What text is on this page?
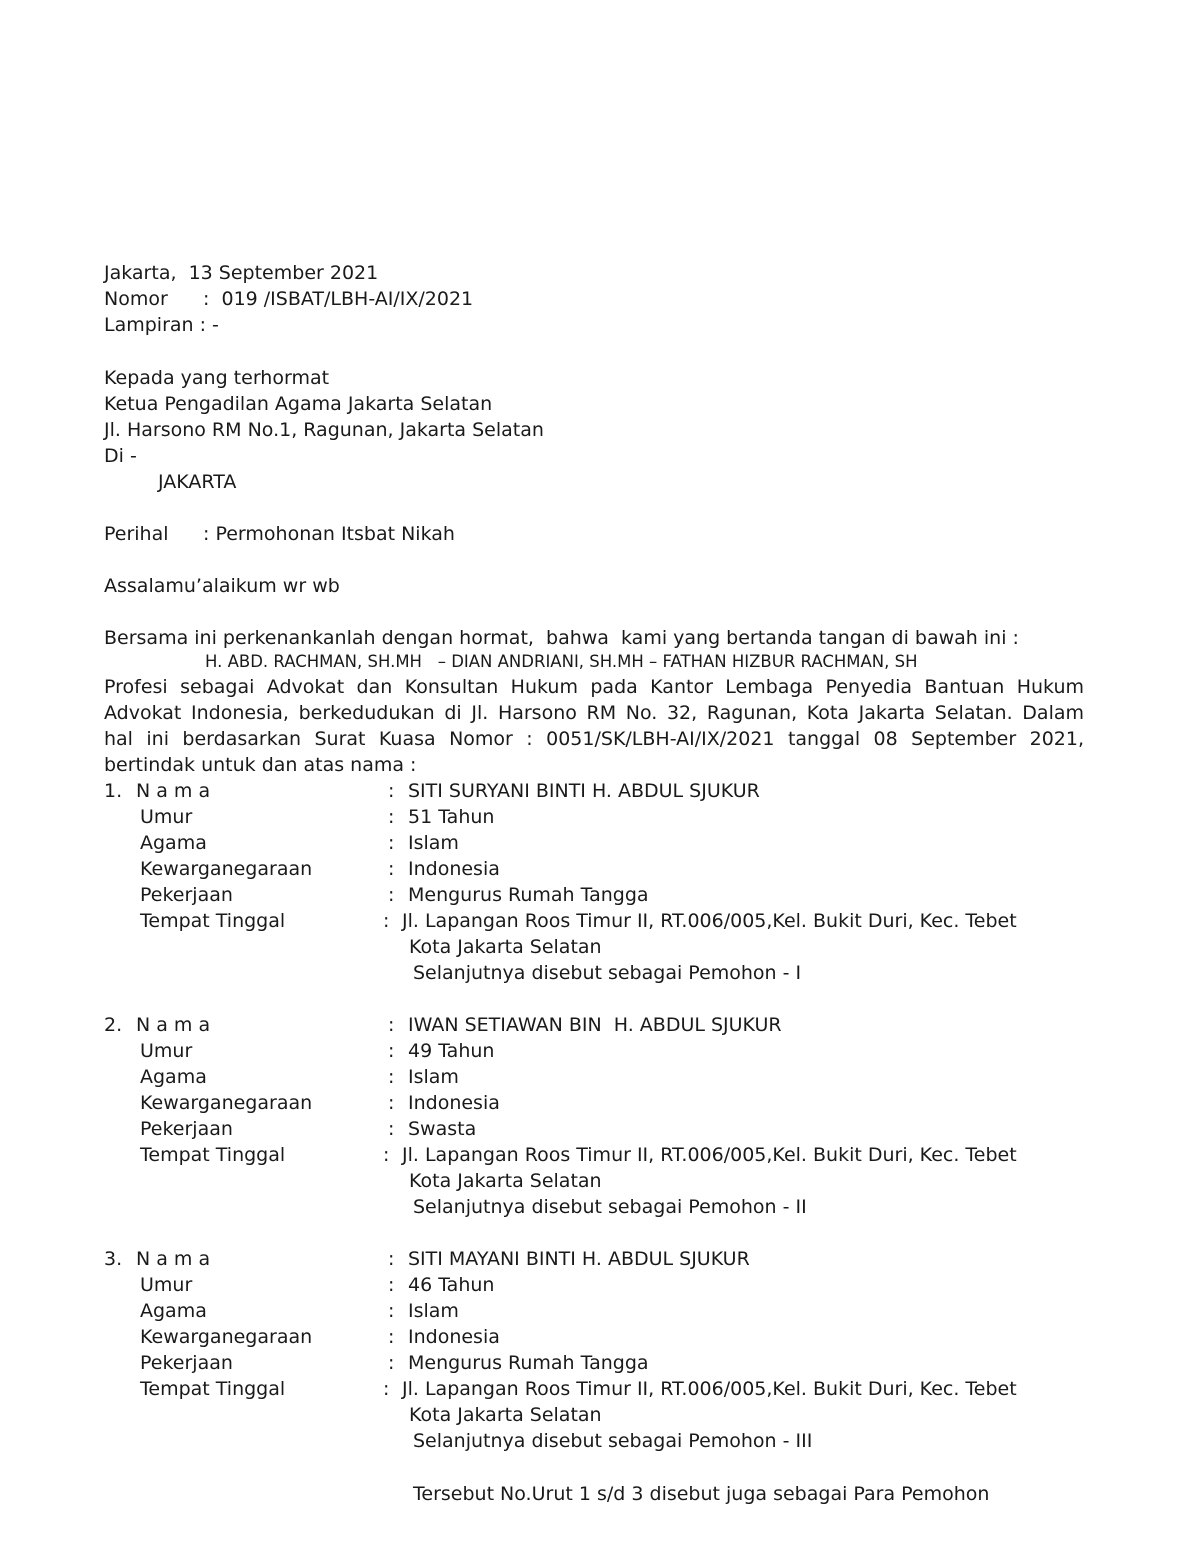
Jakarta,  13 September 2021
Nomor :  019 /ISBAT/LBH-AI/IX/2021
Lampiran : -
Kepada yang terhormat
Ketua Pengadilan Agama Jakarta Selatan
Jl. Harsono RM No.1, Ragunan, Jakarta Selatan
Di -
JAKARTA
Perihal : Permohonan Itsbat Nikah
Assalamu’alaikum wr wb
Bersama ini perkenankanlah dengan hormat,  bahwa  kami yang bertanda tangan di bawah ini :
H. ABD. RACHMAN, SH.MH   – DIAN ANDRIANI, SH.MH – FATHAN HIZBUR RACHMAN, SH
Profesi sebagai Advokat dan Konsultan Hukum pada Kantor Lembaga Penyedia Bantuan Hukum
Advokat Indonesia, berkedudukan di Jl. Harsono RM No. 32, Ragunan, Kota Jakarta Selatan. Dalam
hal ini berdasarkan Surat Kuasa Nomor : 0051/SK/LBH-AI/IX/2021 tanggal 08 September 2021,
bertindak untuk dan atas nama :
1. N a m a	: SITI SURYANI BINTI H. ABDUL SJUKUR
Umur	: 51 Tahun
Agama	: Islam
Kewarganegaraan	: Indonesia
Pekerjaan	: Mengurus Rumah Tangga
Tempat Tinggal	: Jl. Lapangan Roos Timur II, RT.006/005,Kel. Bukit Duri, Kec. Tebet
Kota Jakarta Selatan
Selanjutnya disebut sebagai Pemohon - I
2. N a m a	: IWAN SETIAWAN BIN  H. ABDUL SJUKUR
Umur	: 49 Tahun
Agama	: Islam
Kewarganegaraan	: Indonesia
Pekerjaan	: Swasta
Tempat Tinggal	: Jl. Lapangan Roos Timur II, RT.006/005,Kel. Bukit Duri, Kec. Tebet
Kota Jakarta Selatan
Selanjutnya disebut sebagai Pemohon - II
3. N a m a	: SITI MAYANI BINTI H. ABDUL SJUKUR
Umur	: 46 Tahun
Agama	: Islam
Kewarganegaraan	: Indonesia
Pekerjaan	: Mengurus Rumah Tangga
Tempat Tinggal	: Jl. Lapangan Roos Timur II, RT.006/005,Kel. Bukit Duri, Kec. Tebet
Kota Jakarta Selatan
Selanjutnya disebut sebagai Pemohon - III
Tersebut No.Urut 1 s/d 3 disebut juga sebagai Para Pemohon
